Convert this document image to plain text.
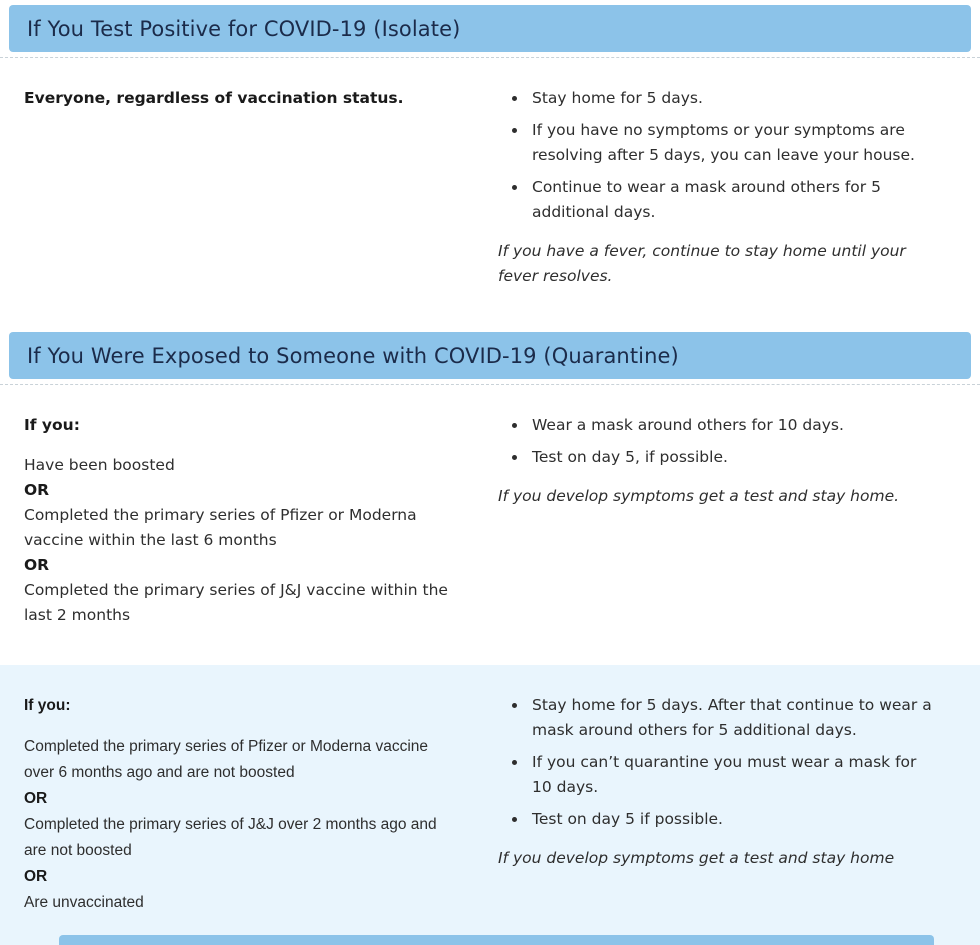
If You Test Positive for COVID-19 (Isolate)
Everyone, regardless of vaccination status.	• Stay home for 5 days.
• If you have no symptoms or your symptoms are resolving after 5 days, you can leave your house.
• Continue to wear a mask around others for 5 additional days.
If you have a fever, continue to stay home until your fever resolves.
If You Were Exposed to Someone with COVID-19 (Quarantine)
If you:
Have been boosted
OR
Completed the primary series of Pfizer or Moderna vaccine within the last 6 months
OR
Completed the primary series of J&J vaccine within the last 2 months
• Wear a mask around others for 10 days.
• Test on day 5, if possible.
If you develop symptoms get a test and stay home.
If you:
Completed the primary series of Pfizer or Moderna vaccine over 6 months ago and are not boosted
OR
Completed the primary series of J&J over 2 months ago and are not boosted
OR
Are unvaccinated
• Stay home for 5 days. After that continue to wear a mask around others for 5 additional days.
• If you can’t quarantine you must wear a mask for 10 days.
• Test on day 5 if possible.
If you develop symptoms get a test and stay home
